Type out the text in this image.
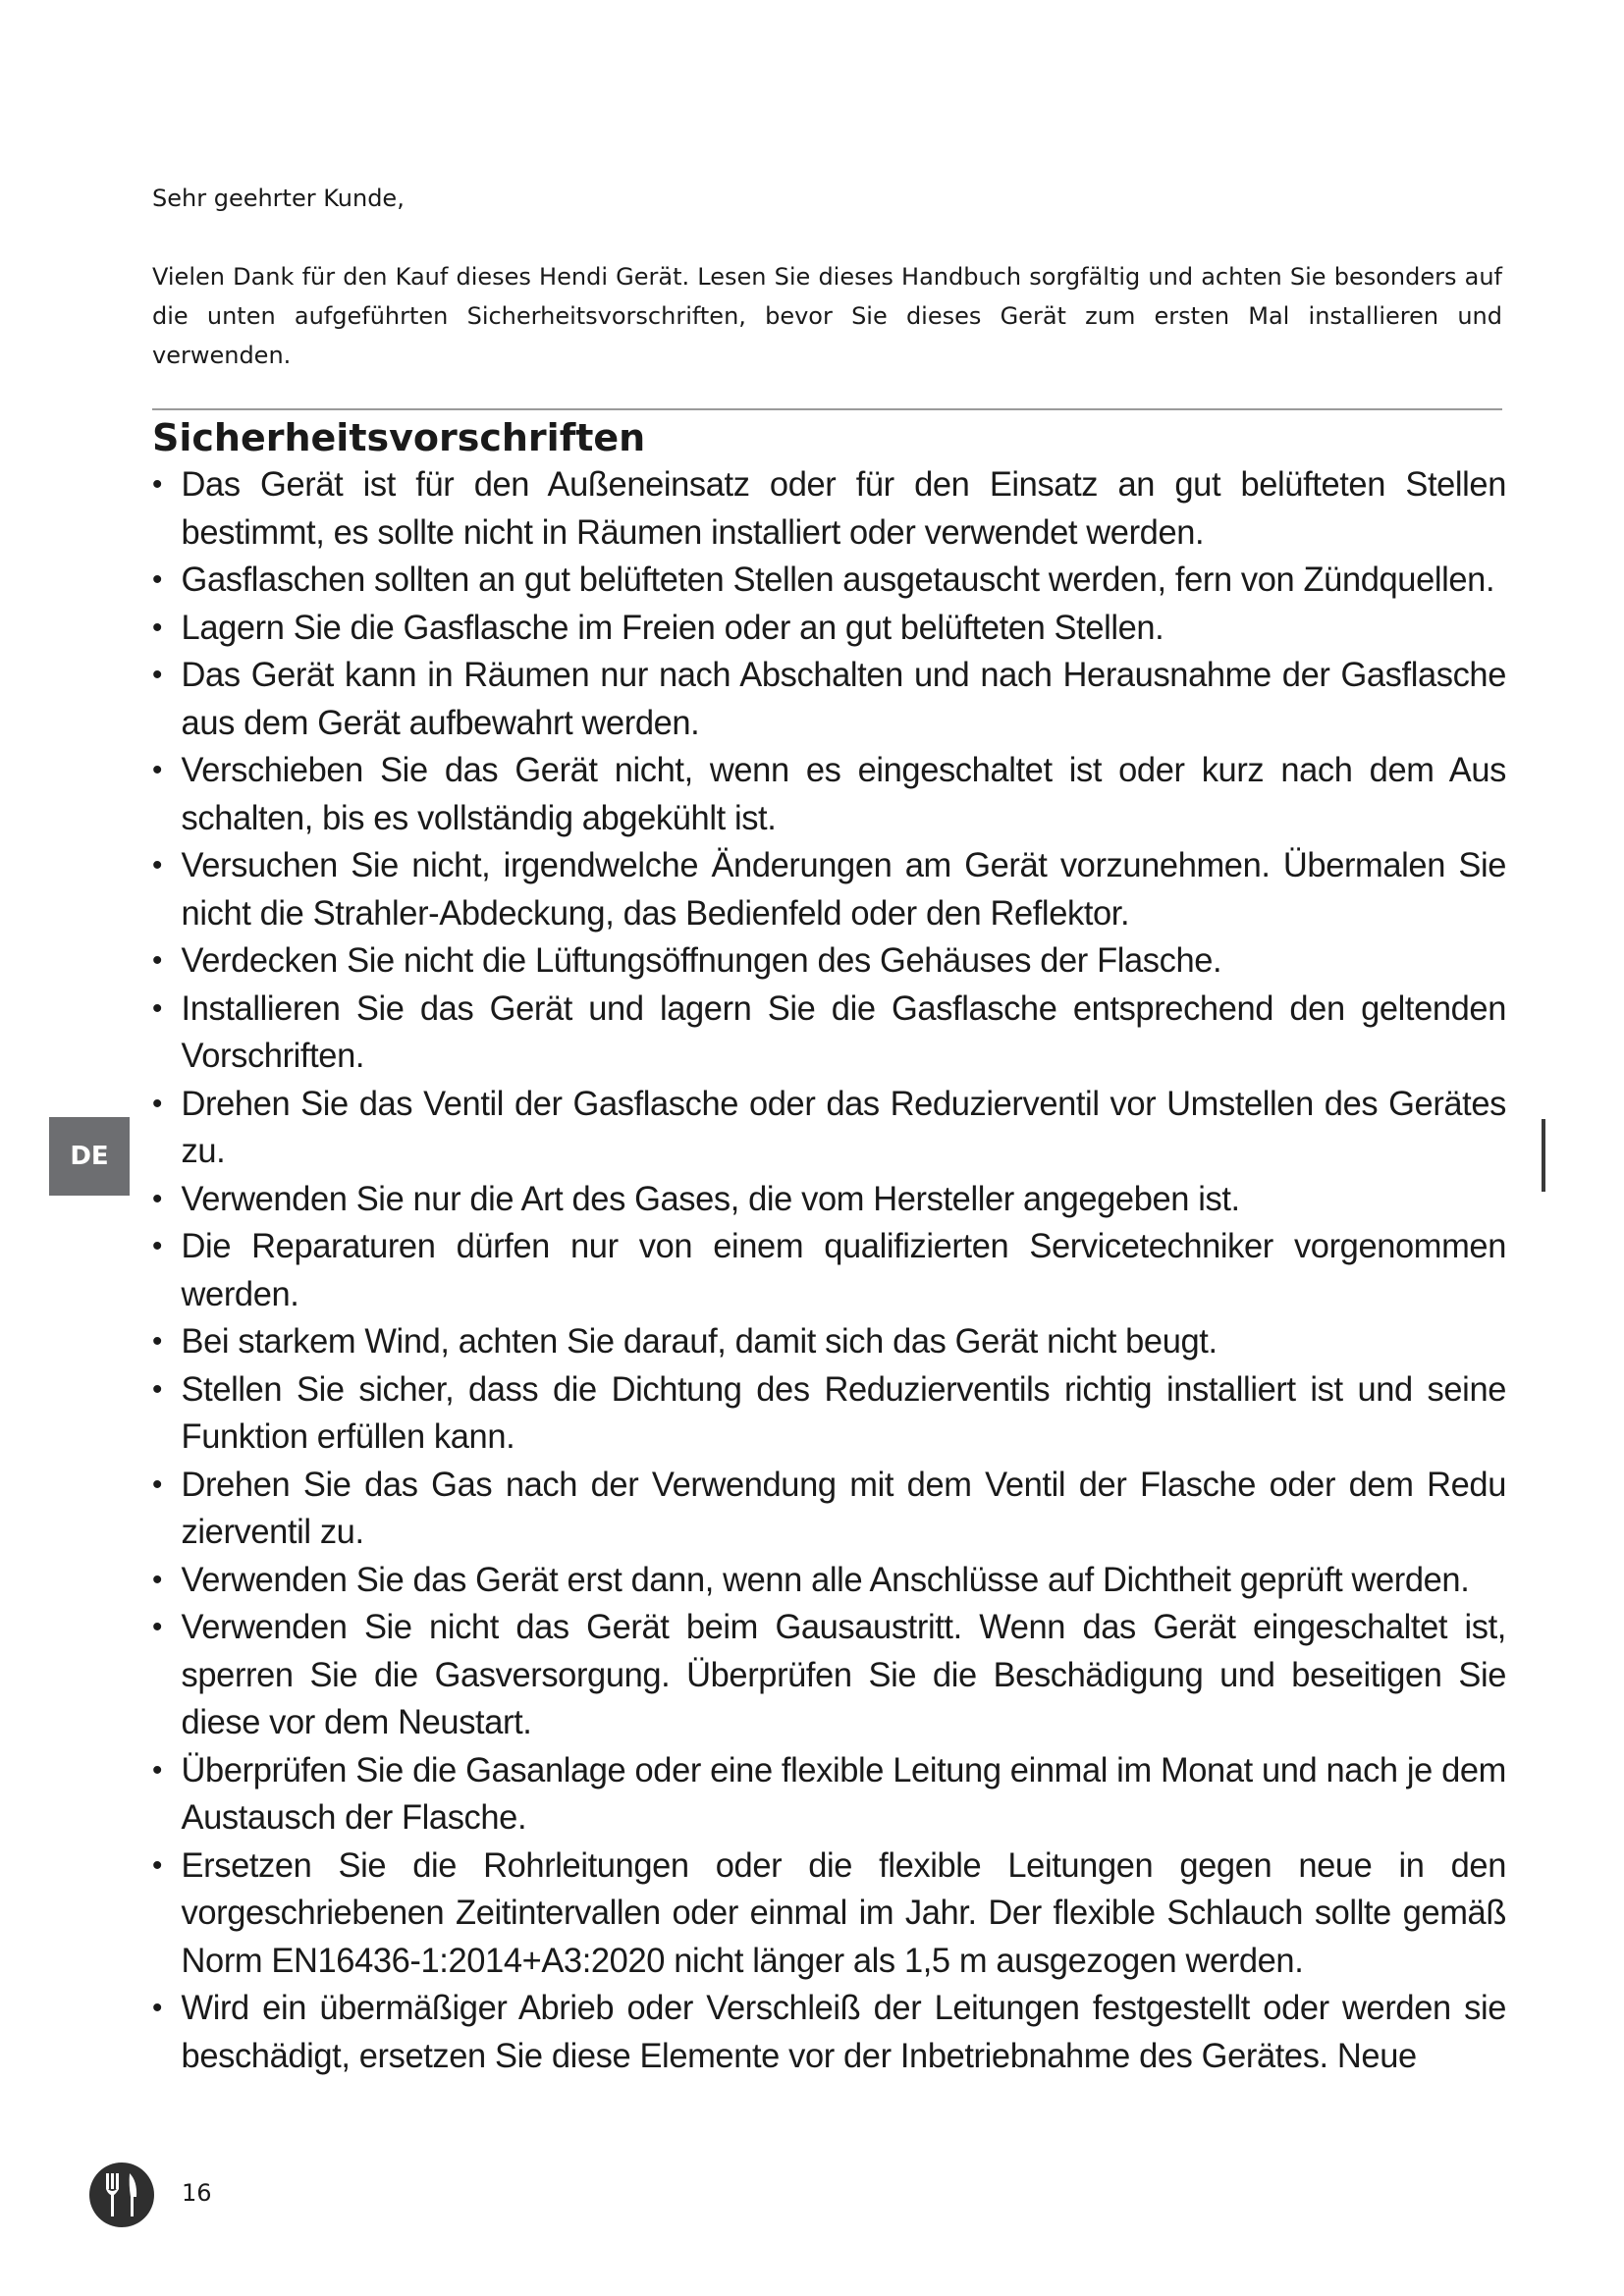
Sehr geehrter Kunde,
Vielen Dank für den Kauf dieses Hendi Gerät. Lesen Sie dieses Handbuch sorgfältig und achten Sie besonders auf die unten aufgeführten Sicherheitsvorschriften, bevor Sie dieses Gerät zum ersten Mal installieren und verwenden.
Sicherheitsvorschriften
• Das Gerät ist für den Außeneinsatz oder für den Einsatz an gut belüfteten Stellen bestimmt, es sollte nicht in Räumen installiert oder verwendet werden.
• Gasflaschen sollten an gut belüfteten Stellen ausgetauscht werden, fern von Zündquellen.
• Lagern Sie die Gasflasche im Freien oder an gut belüfteten Stellen.
• Das Gerät kann in Räumen nur nach Abschalten und nach Herausnahme der Gasflasche aus dem Gerät aufbewahrt werden.
• Verschieben Sie das Gerät nicht, wenn es eingeschaltet ist oder kurz nach dem Aus schalten, bis es vollständig abgekühlt ist.
• Versuchen Sie nicht, irgendwelche Änderungen am Gerät vorzunehmen. Übermalen Sie nicht die Strahler-Abdeckung, das Bedienfeld oder den Reflektor.
• Verdecken Sie nicht die Lüftungsöffnungen des Gehäuses der Flasche.
• Installieren Sie das Gerät und lagern Sie die Gasflasche entsprechend den geltenden Vorschriften.
• Drehen Sie das Ventil der Gasflasche oder das Reduzierventil vor Umstellen des Gerätes zu.
• Verwenden Sie nur die Art des Gases, die vom Hersteller angegeben ist.
• Die Reparaturen dürfen nur von einem qualifizierten Servicetechniker vorgenommen werden.
• Bei starkem Wind, achten Sie darauf, damit sich das Gerät nicht beugt.
• Stellen Sie sicher, dass die Dichtung des Reduzierventils richtig installiert ist und seine Funktion erfüllen kann.
• Drehen Sie das Gas nach der Verwendung mit dem Ventil der Flasche oder dem Redu zierventil zu.
• Verwenden Sie das Gerät erst dann, wenn alle Anschlüsse auf Dichtheit geprüft werden.
• Verwenden Sie nicht das Gerät beim Gausaustritt. Wenn das Gerät eingeschaltet ist, sperren Sie die Gasversorgung. Überprüfen Sie die Beschädigung und beseitigen Sie diese vor dem Neustart.
• Überprüfen Sie die Gasanlage oder eine flexible Leitung einmal im Monat und nach je dem Austausch der Flasche.
• Ersetzen Sie die Rohrleitungen oder die flexible Leitungen gegen neue in den vorgeschriebenen Zeitintervallen oder einmal im Jahr. Der flexible Schlauch sollte gemäß Norm EN16436-1:2014+A3:2020 nicht länger als 1,5 m ausgezogen werden.
• Wird ein übermäßiger Abrieb oder Verschleiß der Leitungen festgestellt oder werden sie beschädigt, ersetzen Sie diese Elemente vor der Inbetriebnahme des Gerätes. Neue
DE
16
